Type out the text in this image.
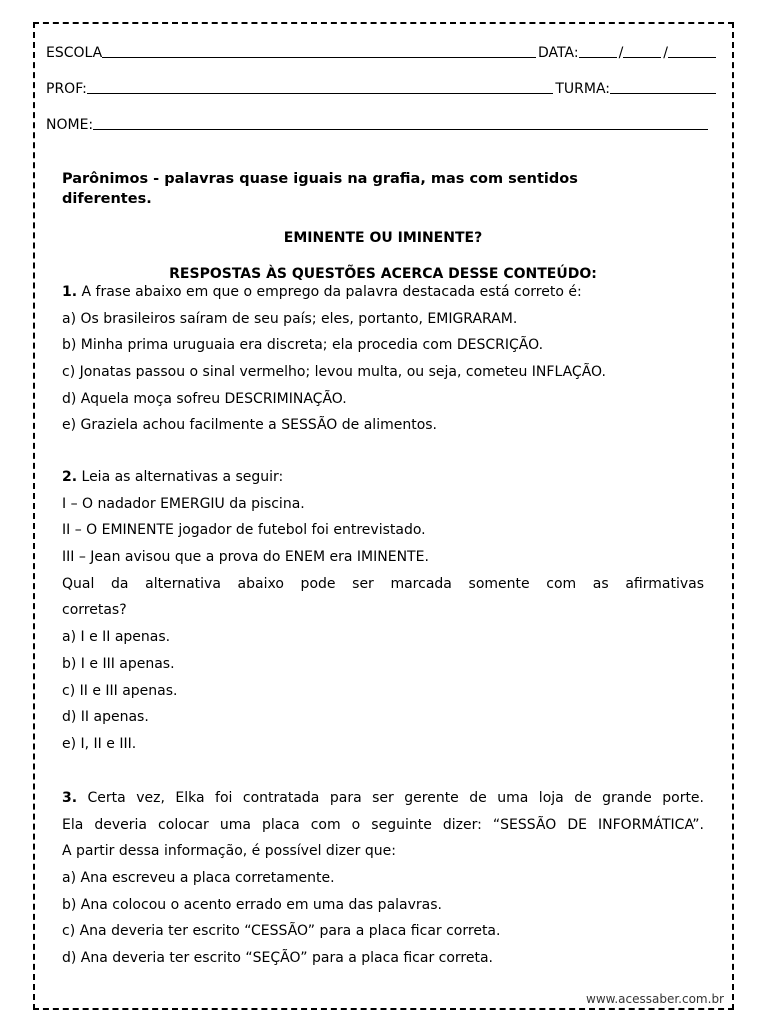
ESCOLA	DATA:	/	/
PROF:	TURMA:
NOME:
Parônimos - palavras quase iguais na grafia, mas com sentidos diferentes.
EMINENTE OU IMINENTE?
RESPOSTAS ÀS QUESTÕES ACERCA DESSE CONTEÚDO:
1. A frase abaixo em que o emprego da palavra destacada está correto é:
a) Os brasileiros saíram de seu país; eles, portanto, EMIGRARAM.
b) Minha prima uruguaia era discreta; ela procedia com DESCRIÇÃO.
c) Jonatas passou o sinal vermelho; levou multa, ou seja, cometeu INFLAÇÃO.
d) Aquela moça sofreu DESCRIMINAÇÃO.
e) Graziela achou facilmente a SESSÃO de alimentos.
2. Leia as alternativas a seguir:
I – O nadador EMERGIU da piscina.
II – O EMINENTE jogador de futebol foi entrevistado.
III – Jean avisou que a prova do ENEM era IMINENTE.
Qual da alternativa abaixo pode ser marcada somente com as afirmativas
corretas?
a) I e II apenas.
b) I e III apenas.
c) II e III apenas.
d) II apenas.
e) I, II e III.
3. Certa vez, Elka foi contratada para ser gerente de uma loja de grande porte.
Ela deveria colocar uma placa com o seguinte dizer: “SESSÃO DE INFORMÁTICA”.
A partir dessa informação, é possível dizer que:
a) Ana escreveu a placa corretamente.
b) Ana colocou o acento errado em uma das palavras.
c) Ana deveria ter escrito “CESSÃO” para a placa ficar correta.
d) Ana deveria ter escrito “SEÇÃO” para a placa ficar correta.
www.acessaber.com.br
